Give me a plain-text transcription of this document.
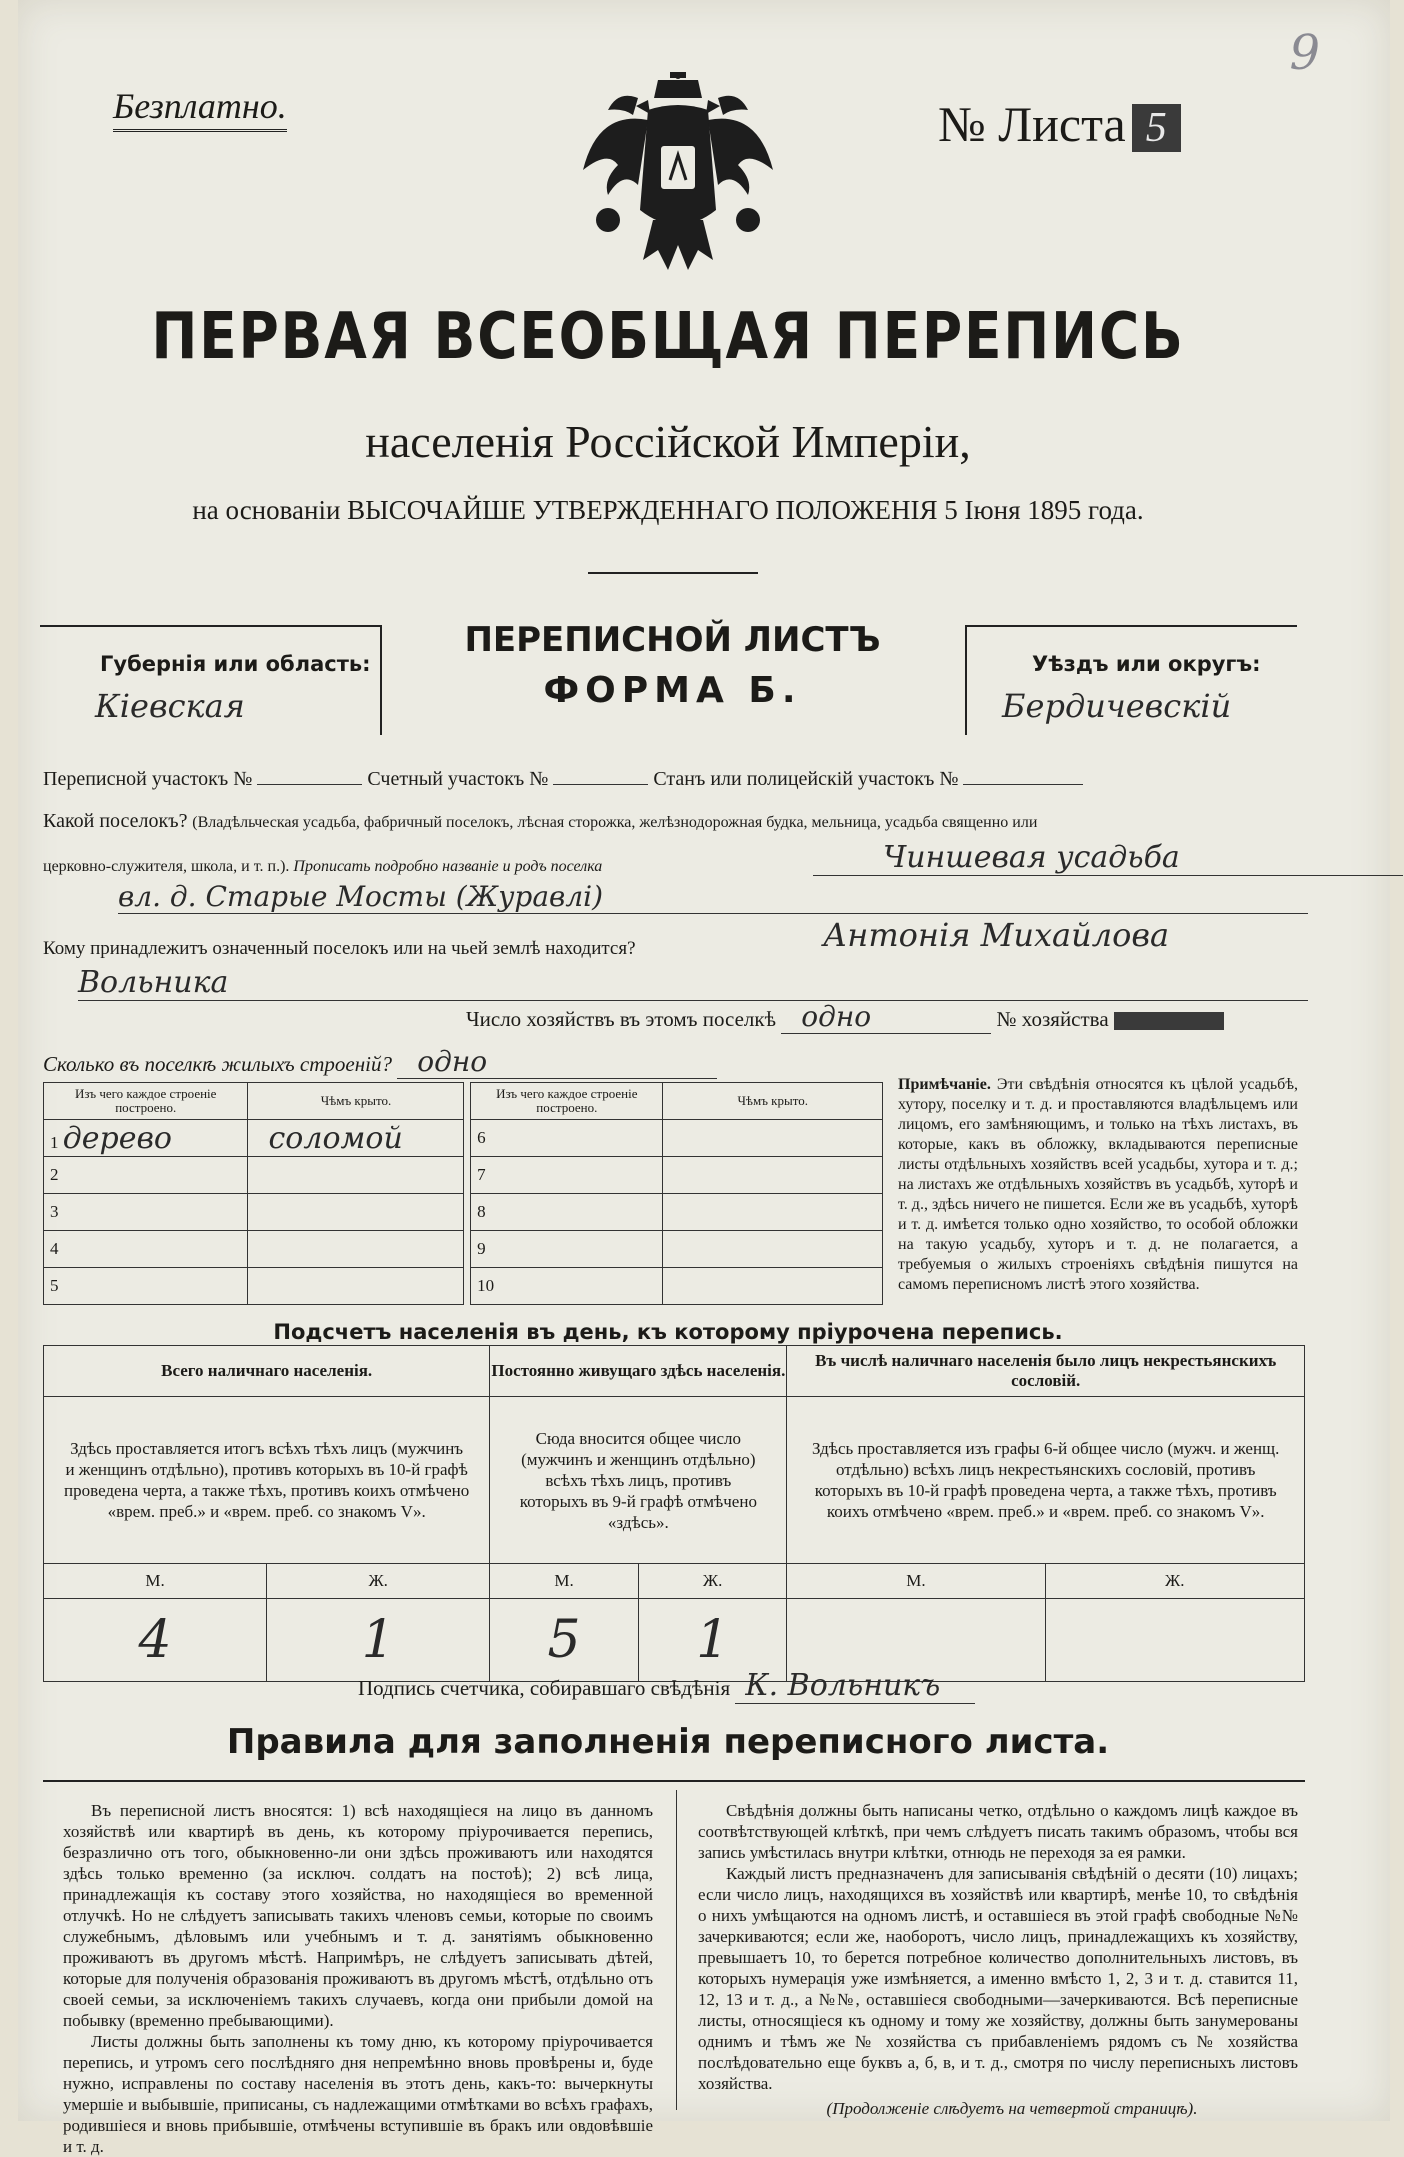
Безплатно.
9
№ Листа 5
ПЕРВАЯ ВСЕОБЩАЯ ПЕРЕПИСЬ
населенія Россійской Имперіи,
на основаніи ВЫСОЧАЙШЕ УТВЕРЖДЕННАГО ПОЛОЖЕНІЯ 5 Іюня 1895 года.
Губернія или область:
Кіевская
ПЕРЕПИСНОЙ ЛИСТЪ
ФОРМА Б.
Уѣздъ или округъ:
Бердичевскій
Переписной участокъ №	Счетный участокъ №	Станъ или полицейскій участокъ №
Какой поселокъ? (Владѣльческая усадьба, фабричный поселокъ, лѣсная сторожка, желѣзнодорожная будка, мельница, усадьба священно или
церковно-служителя, школа, и т. п.). Прописать подробно названіе и родъ поселка	Чиншевая усадьба
вл. д. Старые Мосты (Журавлі)
Кому принадлежитъ означенный поселокъ или на чьей землѣ находится?	Антонія Михайлова
Вольника
Число хозяйствъ въ этомъ поселкѣ одно	№ хозяйства
Сколько въ поселкѣ жилыхъ строеній? одно
Изъ чего каждое строеніе построено.	Чѣмъ крыто.		Изъ чего каждое строеніе построено.	Чѣмъ крыто.
1 дерево	соломой		6	
2			7	
3			8	
4			9	
5			10	
Примѣчаніе. Эти свѣдѣнія относятся къ цѣлой усадьбѣ, хутору, поселку и т. д. и проставляются владѣльцемъ или лицомъ, его замѣняющимъ, и только на тѣхъ листахъ, въ которые, какъ въ обложку, вкладываются переписные листы отдѣльныхъ хозяйствъ всей усадьбы, хутора и т. д.; на листахъ же отдѣльныхъ хозяйствъ въ усадьбѣ, хуторѣ и т. д., здѣсь ничего не пишется. Если же въ усадьбѣ, хуторѣ и т. д. имѣется только одно хозяйство, то особой обложки на такую усадьбу, хуторъ и т. д. не полагается, а требуемыя о жилыхъ строеніяхъ свѣдѣнія пишутся на самомъ переписномъ листѣ этого хозяйства.
Подсчетъ населенія въ день, къ которому пріурочена перепись.
Всего наличнаго населенія.		Постоянно живущаго здѣсь населенія.		Въ числѣ наличнаго населенія было лицъ некрестьянскихъ сословій.	
Здѣсь проставляется итогъ всѣхъ тѣхъ лицъ (мужчинъ и женщинъ отдѣльно), противъ которыхъ въ 10-й графѣ проведена черта, а также тѣхъ, противъ коихъ отмѣчено «врем. преб.» и «врем. преб. со знакомъ V».		Сюда вносится общее число (мужчинъ и женщинъ отдѣльно) всѣхъ тѣхъ лицъ, противъ которыхъ въ 9-й графѣ отмѣчено «здѣсь».		Здѣсь проставляется изъ графы 6-й общее число (мужч. и женщ. отдѣльно) всѣхъ лицъ некрестьянскихъ сословій, противъ которыхъ въ 10-й графѣ проведена черта, а также тѣхъ, противъ коихъ отмѣчено «врем. преб.» и «врем. преб. со знакомъ V».	
М.	Ж.	М.	Ж.	М.	Ж.
4	1	5	1		
Подпись счетчика, собиравшаго свѣдѣнія К. Вольникъ
Правила для заполненія переписного листа.

Въ переписной листъ вносятся: 1) всѣ находящіеся на лицо въ данномъ хозяйствѣ или квартирѣ въ день, къ которому пріурочивается перепись, безразлично отъ того, обыкновенно-ли они здѣсь проживаютъ или находятся здѣсь только временно (за исключ. солдатъ на постоѣ); 2) всѣ лица, принадлежащія къ составу этого хозяйства, но находящіеся во временной отлучкѣ. Но не слѣдуетъ записывать такихъ членовъ семьи, которые по своимъ служебнымъ, дѣловымъ или учебнымъ и т. д. занятіямъ обыкновенно проживаютъ въ другомъ мѣстѣ. Напримѣръ, не слѣдуетъ записывать дѣтей, которые для полученія образованія проживаютъ въ другомъ мѣстѣ, отдѣльно отъ своей семьи, за исключеніемъ такихъ случаевъ, когда они прибыли домой на побывку (временно пребывающими).

Листы должны быть заполнены къ тому дню, къ которому пріурочивается перепись, и утромъ сего послѣдняго дня непремѣнно вновь провѣрены и, буде нужно, исправлены по составу населенія въ этотъ день, какъ-то: вычеркнуты умершіе и выбывшіе, приписаны, съ надлежащими отмѣтками во всѣхъ графахъ, родившіеся и вновь прибывшіе, отмѣчены вступившіе въ бракъ или овдовѣвшіе и т. д.

Свѣдѣнія должны быть написаны четко, отдѣльно о каждомъ лицѣ каждое въ соотвѣтствующей клѣткѣ, при чемъ слѣдуетъ писать такимъ образомъ, чтобы вся запись умѣстилась внутри клѣтки, отнюдь не переходя за ея рамки.

Каждый листъ предназначенъ для записыванія свѣдѣній о десяти (10) лицахъ; если число лицъ, находящихся въ хозяйствѣ или квартирѣ, менѣе 10, то свѣдѣнія о нихъ умѣщаются на одномъ листѣ, и оставшіеся въ этой графѣ свободные №№ зачеркиваются; если же, наоборотъ, число лицъ, принадлежащихъ къ хозяйству, превышаетъ 10, то берется потребное количество дополнительныхъ листовъ, въ которыхъ нумерація уже измѣняется, а именно вмѣсто 1, 2, 3 и т. д. ставится 11, 12, 13 и т. д., а №№, оставшіеся свободными—зачеркиваются. Всѣ переписные листы, относящіеся къ одному и тому же хозяйству, должны быть занумерованы однимъ и тѣмъ же № хозяйства съ прибавленіемъ рядомъ съ № хозяйства послѣдовательно еще буквъ а, б, в, и т. д., смотря по числу переписныхъ листовъ хозяйства.

(Продолженіе слѣдуетъ на четвертой страницѣ).
